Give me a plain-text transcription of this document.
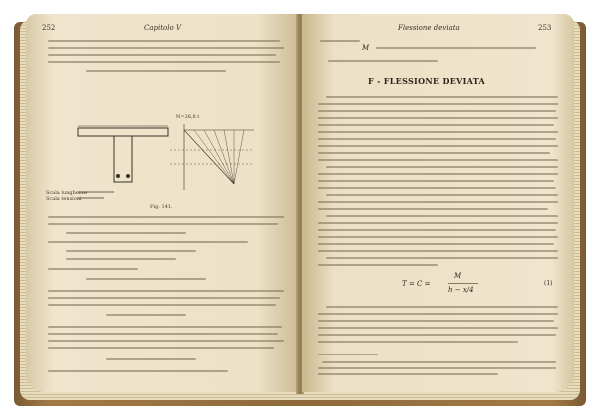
252	Capitolo V
Scala lunghezze
Scala tensioni
N=26,8 t
Fig. 141.
Flessione deviata	253
M
F - FLESSIONE DEVIATA
T = C =
M
h − x/4
(1)
